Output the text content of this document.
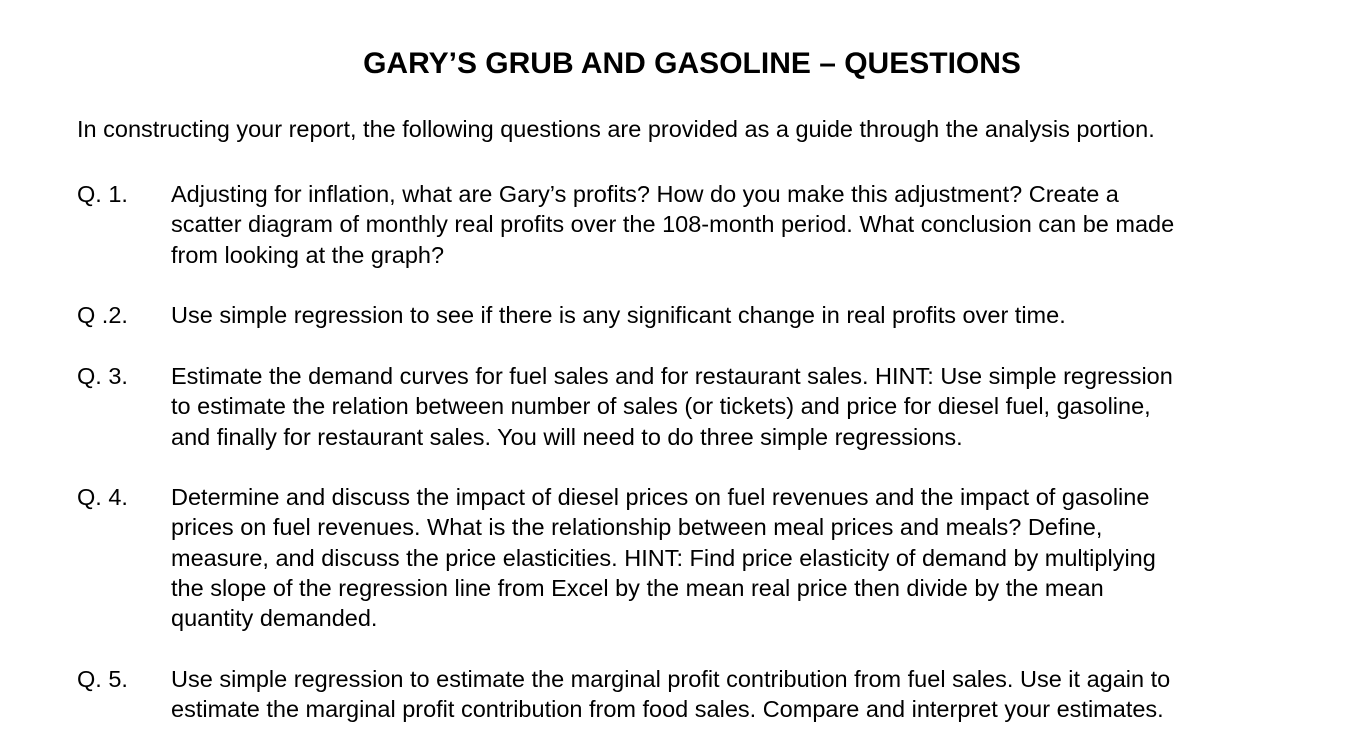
GARY’S GRUB AND GASOLINE – QUESTIONS
In constructing your report, the following questions are provided as a guide through the analysis portion.
Q. 1. Adjusting for inflation, what are Gary’s profits? How do you make this adjustment? Create a
scatter diagram of monthly real profits over the 108-month period. What conclusion can be made
from looking at the graph?
Q .2. Use simple regression to see if there is any significant change in real profits over time.
Q. 3. Estimate the demand curves for fuel sales and for restaurant sales. HINT: Use simple regression
to estimate the relation between number of sales (or tickets) and price for diesel fuel, gasoline,
and finally for restaurant sales. You will need to do three simple regressions.
Q. 4. Determine and discuss the impact of diesel prices on fuel revenues and the impact of gasoline
prices on fuel revenues. What is the relationship between meal prices and meals? Define,
measure, and discuss the price elasticities. HINT: Find price elasticity of demand by multiplying
the slope of the regression line from Excel by the mean real price then divide by the mean
quantity demanded.
Q. 5. Use simple regression to estimate the marginal profit contribution from fuel sales. Use it again to
estimate the marginal profit contribution from food sales. Compare and interpret your estimates.
